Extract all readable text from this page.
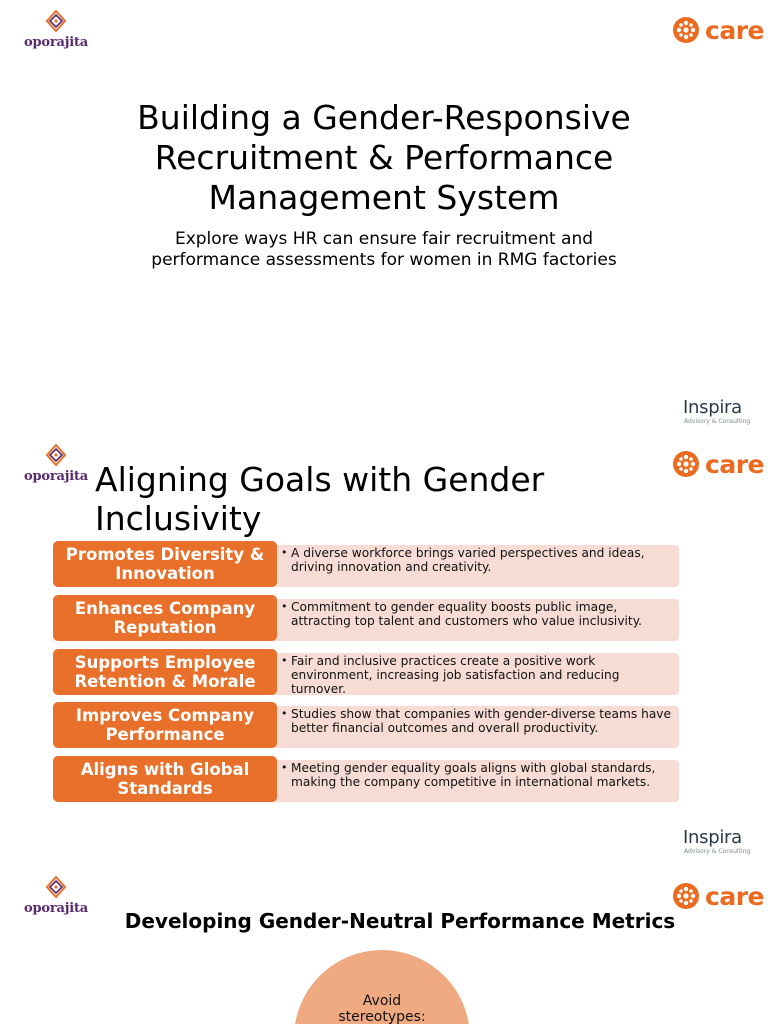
oporajita	care
Building a Gender-Responsive
Recruitment & Performance
Management System
Explore ways HR can ensure fair recruitment and
performance assessments for women in RMG factories
Inspira
Advisory & Consulting
oporajita	care
Aligning Goals with Gender
Inclusivity
Promotes Diversity & Innovation
• A diverse workforce brings varied perspectives and ideas, driving innovation and creativity.
Enhances Company Reputation
• Commitment to gender equality boosts public image, attracting top talent and customers who value inclusivity.
Supports Employee Retention & Morale
• Fair and inclusive practices create a positive work environment, increasing job satisfaction and reducing turnover.
Improves Company Performance
• Studies show that companies with gender-diverse teams have better financial outcomes and overall productivity.
Aligns with Global Standards
• Meeting gender equality goals aligns with global standards, making the company competitive in international markets.
Inspira
Advisory & Consulting
oporajita	care
Developing Gender-Neutral Performance Metrics
Avoid
stereotypes:
